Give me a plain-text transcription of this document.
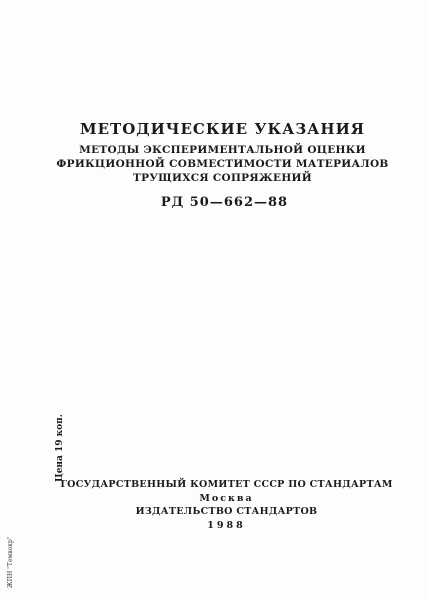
МЕТОДИЧЕСКИЕ УКАЗАНИЯ
МЕТОДЫ ЭКСПЕРИМЕНТАЛЬНОЙ ОЦЕНКИ
ФРИКЦИОННОЙ СОВМЕСТИМОСТИ МАТЕРИАЛОВ
ТРУЩИХСЯ СОПРЯЖЕНИЙ
РД 50—662—88
ГОСУДАРСТВЕННЫЙ КОМИТЕТ СССР ПО СТАНДАРТАМ
Москва
ИЗДАТЕЛЬСТВО СТАНДАРТОВ
1988
Цена 19 коп.
ЖПН "Темвокр"
